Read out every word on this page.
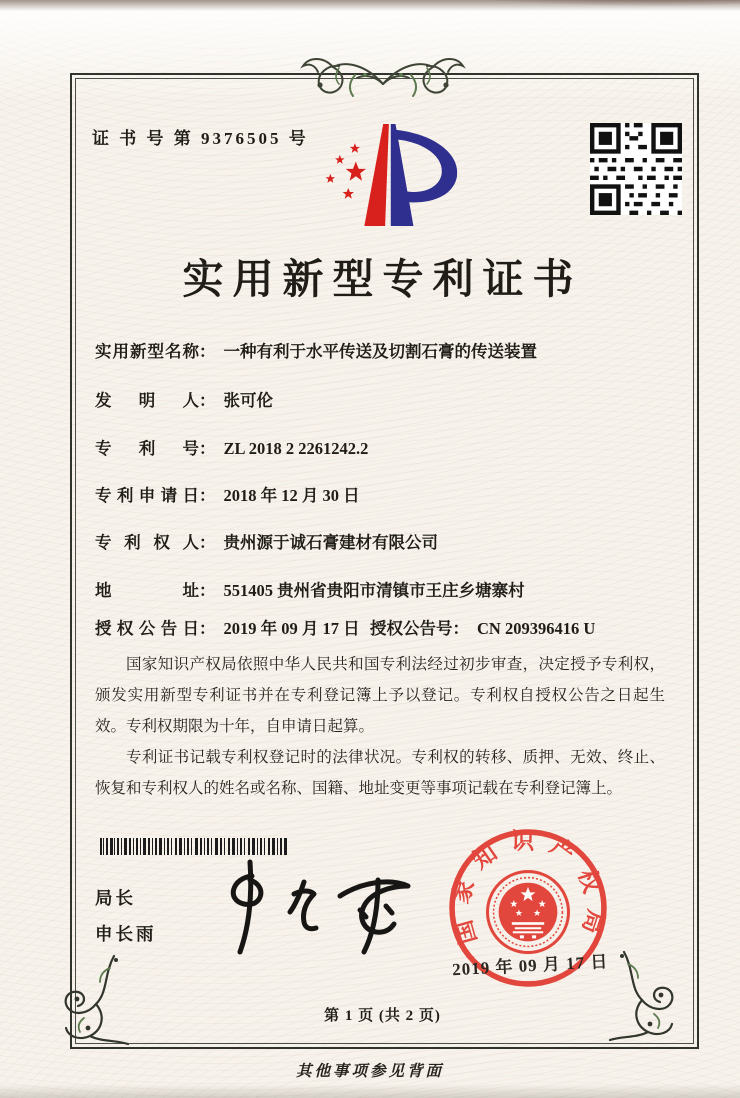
证 书 号 第 9376505 号
实用新型专利证书
实用新型名称： 一种有利于水平传送及切割石膏的传送装置
发明人： 张可伦
专利号： ZL 2018 2 2261242.2
专利申请日： 2018 年 12 月 30 日
专利权人： 贵州源于诚石膏建材有限公司
地址： 551405 贵州省贵阳市清镇市王庄乡塘寨村
授权公告日： 2019 年 09 月 17 日 授权公告号： CN 209396416 U

国家知识产权局依照中华人民共和国专利法经过初步审查，决定授予专利权，颁发实用新型专利证书并在专利登记簿上予以登记。专利权自授权公告之日起生效。专利权期限为十年，自申请日起算。

专利证书记载专利权登记时的法律状况。专利权的转移、质押、无效、终止、恢复和专利权人的姓名或名称、国籍、地址变更等事项记载在专利登记簿上。

局长
申长雨	国家知识产权局
2019 年 09 月 17 日
第 1 页 (共 2 页)
其他事项参见背面
